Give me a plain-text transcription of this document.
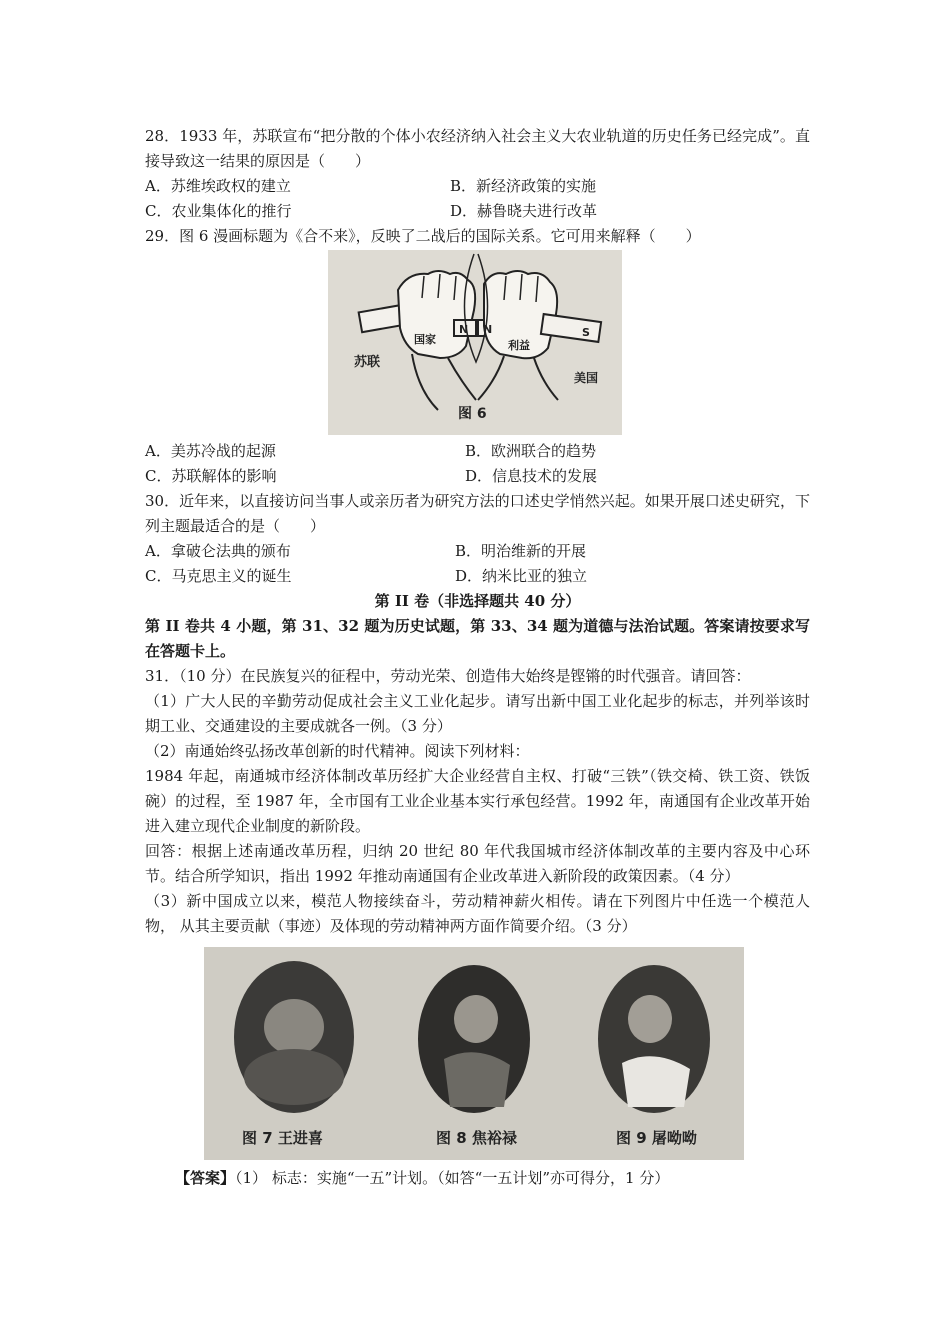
28．1933 年，苏联宣布“把分散的个体小农经济纳入社会主义大农业轨道的历史任务已经完成”。直接导致这一结果的原因是（　　）
A．苏维埃政权的建立	B．新经济政策的实施
C．农业集体化的推行	D．赫鲁晓夫进行改革
29．图 6 漫画标题为《合不来》，反映了二战后的国际关系。它可用来解释（　　）
苏联
美国
国家	利益
N N	S
图 6
A．美苏冷战的起源	B．欧洲联合的趋势
C．苏联解体的影响	D．信息技术的发展
30．近年来，以直接访问当事人或亲历者为研究方法的口述史学悄然兴起。如果开展口述史研究，下列主题最适合的是（　　）
A．拿破仑法典的颁布	B．明治维新的开展
C．马克思主义的诞生	D．纳米比亚的独立
第 II 卷（非选择题共 40 分）
第 II 卷共 4 小题，第 31、32 题为历史试题，第 33、34 题为道德与法治试题。答案请按要求写在答题卡上。
31．（10 分）在民族复兴的征程中，劳动光荣、创造伟大始终是铿锵的时代强音。请回答：
（1）广大人民的辛勤劳动促成社会主义工业化起步。请写出新中国工业化起步的标志，并列举该时期工业、交通建设的主要成就各一例。（3 分）
（2）南通始终弘扬改革创新的时代精神。阅读下列材料：
1984 年起，南通城市经济体制改革历经扩大企业经营自主权、打破“三铁”（铁交椅、铁工资、铁饭碗）的过程，至 1987 年，全市国有工业企业基本实行承包经营。1992 年，南通国有企业改革开始进入建立现代企业制度的新阶段。
回答：根据上述南通改革历程，归纳 20 世纪 80 年代我国城市经济体制改革的主要内容及中心环节。结合所学知识，指出 1992 年推动南通国有企业改革进入新阶段的政策因素。（4 分）
（3）新中国成立以来，模范人物接续奋斗，劳动精神薪火相传。请在下列图片中任选一个模范人物， 从其主要贡献（事迹）及体现的劳动精神两方面作简要介绍。（3 分）
图 7 王进喜	图 8 焦裕禄	图 9 屠呦呦
【答案】（1） 标志：实施“一五”计划。（如答“一五计划”亦可得分，1 分）
